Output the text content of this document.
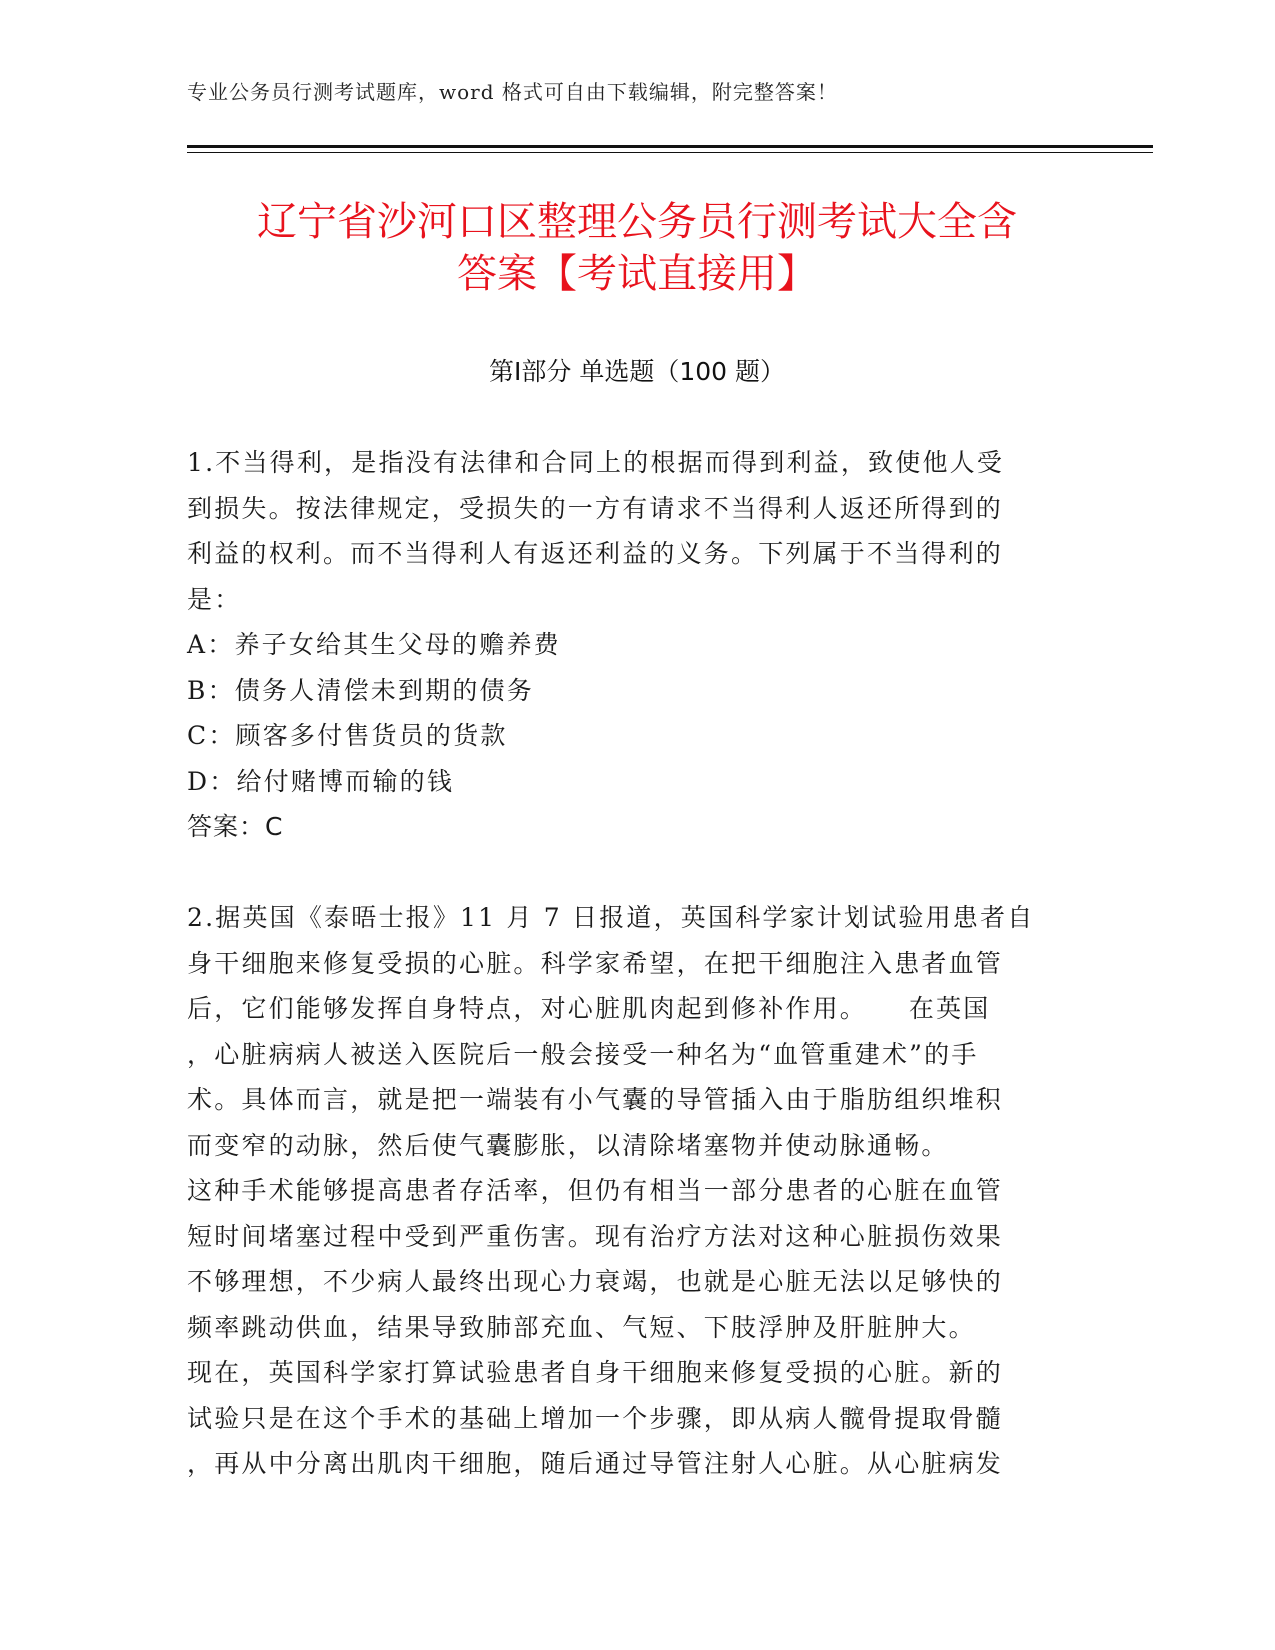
专业公务员行测考试题库，word 格式可自由下载编辑，附完整答案！
辽宁省沙河口区整理公务员行测考试大全含
答案【考试直接用】
第Ⅰ部分 单选题（100 题）
1.不当得利，是指没有法律和合同上的根据而得到利益，致使他人受
到损失。按法律规定，受损失的一方有请求不当得利人返还所得到的
利益的权利。而不当得利人有返还利益的义务。下列属于不当得利的
是：
A：养子女给其生父母的赡养费
B：债务人清偿未到期的债务
C：顾客多付售货员的货款
D：给付赌博而输的钱
答案：C
2.据英国《泰晤士报》11 月 7 日报道，英国科学家计划试验用患者自
身干细胞来修复受损的心脏。科学家希望，在把干细胞注入患者血管
后，它们能够发挥自身特点，对心脏肌肉起到修补作用。　　在英国
，心脏病病人被送入医院后一般会接受一种名为“血管重建术”的手
术。具体而言，就是把一端装有小气囊的导管插入由于脂肪组织堆积
而变窄的动脉，然后使气囊膨胀，以清除堵塞物并使动脉通畅。
这种手术能够提高患者存活率，但仍有相当一部分患者的心脏在血管
短时间堵塞过程中受到严重伤害。现有治疗方法对这种心脏损伤效果
不够理想，不少病人最终出现心力衰竭，也就是心脏无法以足够快的
频率跳动供血，结果导致肺部充血、气短、下肢浮肿及肝脏肿大。
现在，英国科学家打算试验患者自身干细胞来修复受损的心脏。新的
试验只是在这个手术的基础上增加一个步骤，即从病人髋骨提取骨髓
，再从中分离出肌肉干细胞，随后通过导管注射人心脏。从心脏病发
